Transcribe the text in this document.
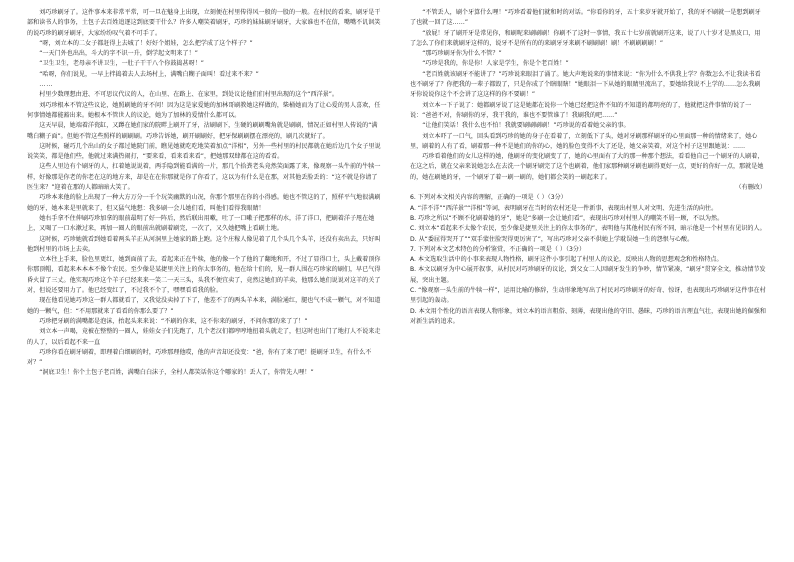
刘巧珍刷牙了。这件事本来非常平常，可一旦在魅身上出现，立刻便在村里传得风一般的一股的一般。在村民的看来，刷牙是干部和读书人的事务，土包子去百姓追逐这到底要干什么？许多人嘲笑着刷牙，巧珍的妹妹刷牙刷牙，大家谁也不在信，嘴嘴不讥讽笑的说巧珍的刷牙刷牙，大家纷纷叹气着不可手了。

“呀，刘立本的二女子都赶得上去城了！好好个姐娃，怎么把学成了这个样子？”

“一天门外也出出，斗大的字不识一升，倒学起文明来了！”

“卫生卫生，老母亲不讲卫生，一肚子干干八个你鼓捣甚呀！”

“哈呀，你们说见，一早上拌捣着去人去场村上，满嘴白糊子面叫！看过来不来？”

……

村里少数理想由进、不可思议代议的人，在山里、在路上、在家里，到处议论他们们村里出现的这个“西洋景”。

刘巧珍根本不管这些议论，她照刷她的牙不问！因为这是家爱她的加林哥刷教她这样做的，柴桶她而为了让心爱的男人喜欢，任何事情她都能豁出来。她根本不管世人的议论，她为了加林的爱情什么都可以。

这天早晨，她端着洋瓷缸，又蹲在她们家的院畔上刷开了牙，沾刷刷下，生硬的刷刷嘴角就是刷刷，情况正如村里人传说的“满嘴白糊子面”。但她不管这些照样的刷刷刷。巧珍告诉她，刷开刷刷好，把牙保刷刷摆在漂亮的，刷几次就好了。

这时候，碰巧几个出山的女子都过她院门前，瞧见她就吃吃地笑着加点“洋相”，另外一些村里的村民都就在她后边几个女子里说说笑笑，都是他们些，他就过来满热闹打，“要来看，看来看来看”，把她那双肆都在这的看看。

这些人里边有个刷牙的人，扛着她说说着，两手隐到能看满的一片，那几个拾粪老头竟然笑面露了来，像观察一头牛前的牛犊一样，好像那是你老的你老在这的地方来，却是在在你那就是你了你看了，这以为有什么是在那，对其他丢脸丢的：“这不就是你请了医生来？”迎着在那的人都暗暗大笑了。

巧珍本来他的脸上出现了一种大方万分一千个玩笑幽默的山况，你那个那里在你的小得感。她也不管这的了，照样平气地很满刷她的牙，她本来是里就来了，但又猛气地想：我多刷一会儿她们看，叫他们看得我眼睛！

她右手拿不住伸刷巧珍加拿的眼前最明了好一阵后，然后联出用嗽，吐了一口嗽子把那样的水，洋了洋口，把刷着洋子甩在她上，又喝了一口水漱过来，再加一圈人的眼前出就刷着刷完，一次了，又久她把嘴上看刷土地。

这时候，巧珍她就看到她看着两头羊正从河洞里上她家的路上跑。这个庄稼人像见着了几个头几个头羊，还没有卖出去，只好叫他到村里的市场上去卖。

立本往上手来，脸色里更红，她到面前了去，看起来正在牛犊，他的像一个了他的了翻地和开，不过了显得口土，头上戴着顶你你那顶帽，看起来本本本不像个农民。至少像是某捷里关注上的你太事务的，他在给十们的，见一群人围在巧珍家的刷们，早已气得昏火冒了三丈。他实现巧珍这个羊子已经来来一笑二一天三头，头我不便宜卖了，竟然这她们的羊卖，他那么她们说说对这羊的关了对，但说还要用力了。他已经变红了，不过我不个了，嘿嘿看看我的脸。

现在他看见她巧珍这一群人都就看了，又我觉没卖掉了下了，他差不了的两头羊本来，满脸通红，腿也气不成一颗气，对不知道她的一颗气，但：“不用那就来了看看的你那么要了？”

巧珍把牙刷的满嘴都是泡沫，抬起头来来说：“不刷的你来，这不你来的刷牙，不问你那的来了了！”

刘立本一声喝，竟被在整整的一圈人，娃娃女子们先跑了，几个老汉们都哼哼地扭着头就走了，但这时也出门了地打人不说来走的人了，以后看起不来一直

巧珍你看在刷牙刷着，即理着白细刷的时，巧珍那理他哎，他的声音却还没变：“爸，你有了来了吧！挺刷牙卫生，有什么不对？”

“洞底卫生！你个土包子老百姓，满嘴白白沫子，全村人都笑话你这个哪家的！丢人了，你管先人哩！”

“不管丢人，刷个牙算什么哩！”巧珍看着他们就和时的对话。“你看你的牙，五十来岁牙就开始了，我的牙不刷就一是想到刷牙了也就一回了这……”

“放屁！牙了刷开牙是常见你，和刷呢来刷刷刷！你刷不了这时一事情，我五十七岁前就刷开这来，说了八十岁才是黑皮口，用了怎么了你们来就刷牙这样的，说牙不是所有的的来刷牙牙来刷不刷刷刷！刷！不刷刷刷刷！”

“那巧珍刷牙你为什么不管？”

“巧珍是我的，你是你！人家是学生，你是个老百姓！”

“老百姓就该刷牙不能讲了？”巧珍说来眼泪了涌了。她大声地说来的事情来说：“你为什么不供我上学？你数怎么不让我读书看也不刷牙了？你把我的一辈子都毁了，只是你成了个瞎眼瞎！”她眼泪一下从她的眼睛里流出了，要她给我说不上学的……怎么我刷牙你说说你这个不会讲了这这样的你不要刷！”

刘立本一下子说了：她都刷牙说了这是她都在说你一个她已经把这件不知的不知道的都明亮的了，他就把这件事情的说了一说：“爸爸不对，你刷你的牙，我干我的，谁也不要管谁了！我刷我的吧……”

“让他们笑话！我什么也不怕！我就要刷刷刷刷！”巧珍说的看着她父亲的事。

刘立本吓了一口气，回头看到巧珍的她的身子在看着了，立刻低下了头，她对牙刷那样刷牙的心里面那一种的情绪来了，她心里，刷着的人有了看，刷着那一种不是她们的你的心，她的脸色变得不大了还是，她父亲笑着，对这个村子这里跟她说：……

巧珍看着他们的女儿这样的她，他刷牙的变化刷变了了，她的心里面有了大的那一种那个想法，看看他自己一个刷牙的人刷着，在这之后，就在父亲来说她怎么在去洗一个刷牙刷完了这个也刷着，他们家那种刷牙刷也刷得更好一点，更好的你好一点，那就是她的，她在刷她的牙，一个刷牙了着一刷一刷的，她们都会笑的一刷起来了。

（有删改）

6. 下列对本文相关内容的理解，正确的一项是（ ）（3分）

A. “洋不洋”“西洋景”“洋相”等词，表明刷牙在当时的农村还是一件新事，表现出村里人对文明、先进生活的向往。

B. 巧珍之所以“不顾不化刷着她的牙”，她是“多刷一会让她们看”，表现出巧珍对村里人的嘲笑不屑一顾，不以为然。

C. 刘立本“看起来不太像个农民，至少像是捷里关注上的你太事务的”，表明他与其他村民有所不同，暗示他是一个村里有见识的人。

D. 从“委屈得哭开了”“双手蒙住脸哭得更厉害了”，写出巧珍对父亲不供她上学耽误她一生的怨恨与心酸。

7. 下列对本文艺术特色的分析鉴赏，不正确的一项是（ ）（3分）

A. 本文选取生活中的小事来表现人物性格，刷牙这件小事引起了村里人的议论，反映出人物的思想观念和性格特点。

B. 本文以刷牙为中心展开叙事，从村民对巧珍刷牙的议论，到父女二人因刷牙发生的争吵，情节紧凑，“刷牙”贯穿全文，推动情节发展，突出主题。

C. “像观察一头生前的牛犊一样”，运用比喻的修辞，生动形象地写出了村民对巧珍刷牙的好奇、惊讶，也表现出巧珍刷牙这件事在村里引起的轰动。

D. 本文用个性化的语言表现人物形象，刘立本的语言粗俗、刻薄，表现出他的守旧、愚昧，巧珍的语言理直气壮，表现出她的倔强和对新生活的追求。
